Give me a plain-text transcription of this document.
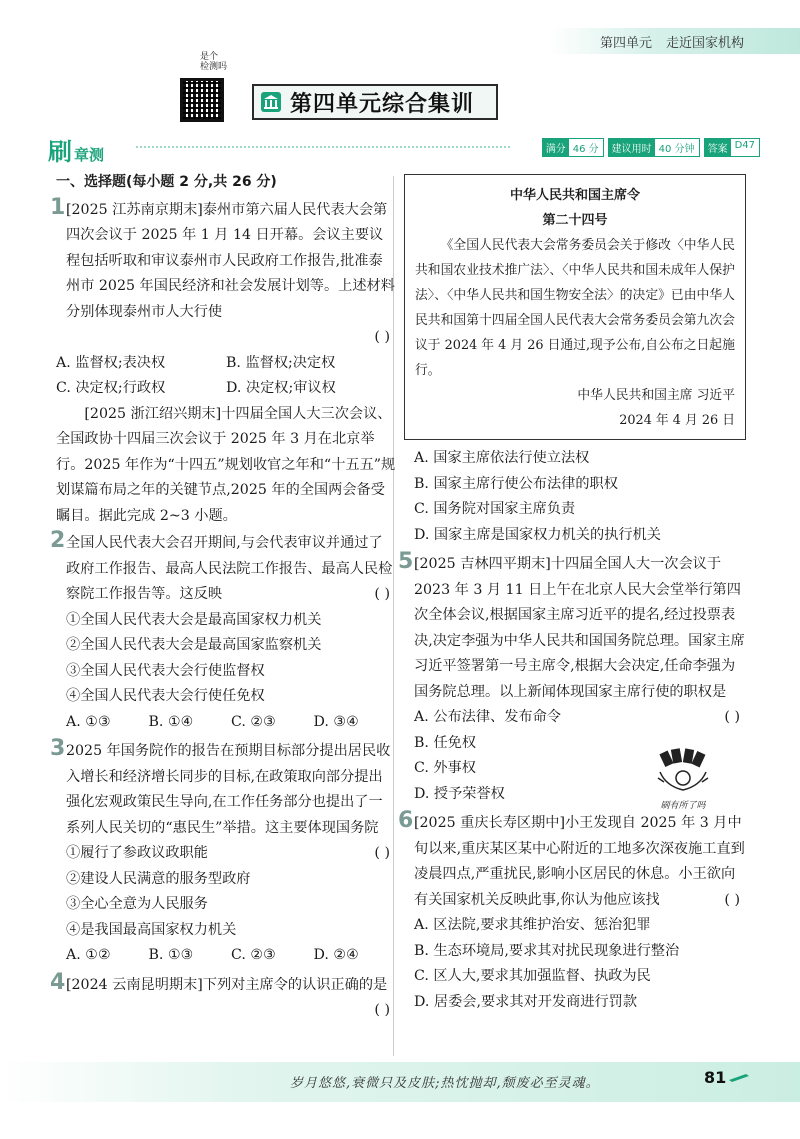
第四单元 走近国家机构
是个
检测吗
第四单元综合集训
刷章测	满分 46 分	建议用时 40 分钟	答案 D47
一、选择题(每小题 2 分,共 26 分)
1 [2025 江苏南京期末]泰州市第六届人民代表大会第四次会议于 2025 年 1 月 14 日开幕。会议主要议程包括听取和审议泰州市人民政府工作报告,批准泰州市 2025 年国民经济和社会发展计划等。上述材料分别体现泰州市人大行使

( )
A. 监督权;表决权	B. 监督权;决定权
C. 决定权;行政权	D. 决定权;审议权

[2025 浙江绍兴期末]十四届全国人大三次会议、全国政协十四届三次会议于 2025 年 3 月在北京举行。2025 年作为“十四五”规划收官之年和“十五五”规划谋篇布局之年的关键节点,2025 年的全国两会备受瞩目。据此完成 2~3 小题。

2 全国人民代表大会召开期间,与会代表审议并通过了政府工作报告、最高人民法院工作报告、最高人民检察院工作报告等。这反映	( )

①全国人民代表大会是最高国家权力机关
②全国人民代表大会是最高国家监察机关
③全国人民代表大会行使监督权
④全国人民代表大会行使任免权
A. ①③	B. ①④	C. ②③	D. ③④
3 2025 年国务院作的报告在预期目标部分提出居民收入增长和经济增长同步的目标,在政策取向部分提出强化宏观政策民生导向,在工作任务部分也提出了一系列人民关切的“惠民生”举措。这主要体现国务院
( )

①履行了参政议政职能
②建设人民满意的服务型政府
③全心全意为人民服务
④是我国最高国家权力机关
A. ①②	B. ①③	C. ②③	D. ②④
4 [2024 云南昆明期末]下列对主席令的认识正确的是
( )

中华人民共和国主席令
第二十四号
《全国人民代表大会常务委员会关于修改〈中华人民共和国农业技术推广法〉、〈中华人民共和国未成年人保护法〉、〈中华人民共和国生物安全法〉的决定》已由中华人民共和国第十四届全国人民代表大会常务委员会第九次会议于 2024 年 4 月 26 日通过,现予公布,自公布之日起施行。
中华人民共和国主席 习近平
2024 年 4 月 26 日
A. 国家主席依法行使立法权
B. 国家主席行使公布法律的职权
C. 国务院对国家主席负责
D. 国家主席是国家权力机关的执行机关
5 [2025 吉林四平期末]十四届全国人大一次会议于 2023 年 3 月 11 日上午在北京人民大会堂举行第四次全体会议,根据国家主席习近平的提名,经过投票表决,决定李强为中华人民共和国国务院总理。国家主席习近平签署第一号主席令,根据大会决定,任命李强为国务院总理。以上新闻体现国家主席行使的职权是
( )

A. 公布法律、发布命令
B. 任免权
C. 外事权
D. 授予荣誉权
6 [2025 重庆长寿区期中]小王发现自 2025 年 3 月中旬以来,重庆某区某中心附近的工地多次深夜施工直到凌晨四点,严重扰民,影响小区居民的休息。小王欲向有关国家机关反映此事,你认为他应该找	( )

A. 区法院,要求其维护治安、惩治犯罪
B. 生态环境局,要求其对扰民现象进行整治
C. 区人大,要求其加强监督、执政为民
D. 居委会,要求其对开发商进行罚款
刷有所了吗
岁月悠悠,衰微只及皮肤;热忱抛却,颓废必至灵魂。	81
